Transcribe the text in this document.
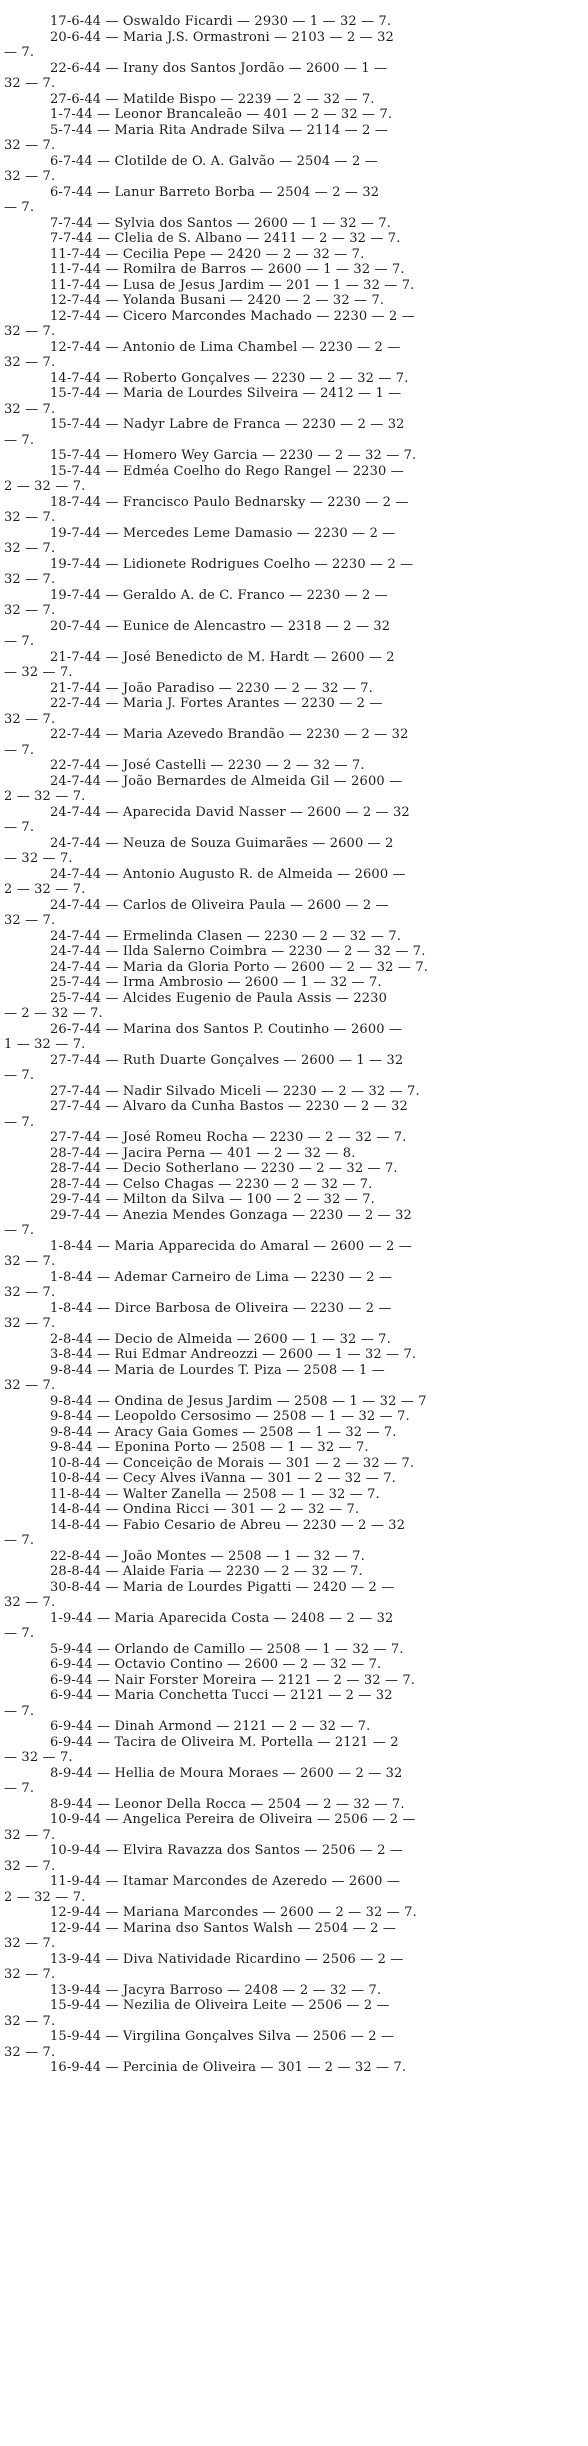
17-6-44 — Oswaldo Ficardi — 2930 — 1 — 32 — 7.
20-6-44 — Maria J.S. Ormastroni — 2103 — 2 — 32
— 7.
22-6-44 — Irany dos Santos Jordão — 2600 — 1 —
32 — 7.
27-6-44 — Matilde Bispo — 2239 — 2 — 32 — 7.
1-7-44 — Leonor Brancaleão — 401 — 2 — 32 — 7.
5-7-44 — Maria Rita Andrade Silva — 2114 — 2 —
32 — 7.
6-7-44 — Clotilde de O. A. Galvão — 2504 — 2 —
32 — 7.
6-7-44 — Lanur Barreto Borba — 2504 — 2 — 32
— 7.
7-7-44 — Sylvia dos Santos — 2600 — 1 — 32 — 7.
7-7-44 — Clelia de S. Albano — 2411 — 2 — 32 — 7.
11-7-44 — Cecilia Pepe — 2420 — 2 — 32 — 7.
11-7-44 — Romilra de Barros — 2600 — 1 — 32 — 7.
11-7-44 — Lusa de Jesus Jardim — 201 — 1 — 32 — 7.
12-7-44 — Yolanda Busani — 2420 — 2 — 32 — 7.
12-7-44 — Cicero Marcondes Machado — 2230 — 2 —
32 — 7.
12-7-44 — Antonio de Lima Chambel — 2230 — 2 —
32 — 7.
14-7-44 — Roberto Gonçalves — 2230 — 2 — 32 — 7.
15-7-44 — Maria de Lourdes Silveira — 2412 — 1 —
32 — 7.
15-7-44 — Nadyr Labre de Franca — 2230 — 2 — 32
— 7.
15-7-44 — Homero Wey Garcia — 2230 — 2 — 32 — 7.
15-7-44 — Edméa Coelho do Rego Rangel — 2230 —
2 — 32 — 7.
18-7-44 — Francisco Paulo Bednarsky — 2230 — 2 —
32 — 7.
19-7-44 — Mercedes Leme Damasio — 2230 — 2 —
32 — 7.
19-7-44 — Lidionete Rodrigues Coelho — 2230 — 2 —
32 — 7.
19-7-44 — Geraldo A. de C. Franco — 2230 — 2 —
32 — 7.
20-7-44 — Eunice de Alencastro — 2318 — 2 — 32
— 7.
21-7-44 — José Benedicto de M. Hardt — 2600 — 2
— 32 — 7.
21-7-44 — João Paradiso — 2230 — 2 — 32 — 7.
22-7-44 — Maria J. Fortes Arantes — 2230 — 2 —
32 — 7.
22-7-44 — Maria Azevedo Brandão — 2230 — 2 — 32
— 7.
22-7-44 — José Castelli — 2230 — 2 — 32 — 7.
24-7-44 — João Bernardes de Almeida Gil — 2600 —
2 — 32 — 7.
24-7-44 — Aparecida David Nasser — 2600 — 2 — 32
— 7.
24-7-44 — Neuza de Souza Guimarães — 2600 — 2
— 32 — 7.
24-7-44 — Antonio Augusto R. de Almeida — 2600 —
2 — 32 — 7.
24-7-44 — Carlos de Oliveira Paula — 2600 — 2 —
32 — 7.
24-7-44 — Ermelinda Clasen — 2230 — 2 — 32 — 7.
24-7-44 — Ilda Salerno Coimbra — 2230 — 2 — 32 — 7.
24-7-44 — Maria da Gloria Porto — 2600 — 2 — 32 — 7.
25-7-44 — Irma Ambrosio — 2600 — 1 — 32 — 7.
25-7-44 — Alcides Eugenio de Paula Assis — 2230
— 2 — 32 — 7.
26-7-44 — Marina dos Santos P. Coutinho — 2600 —
1 — 32 — 7.
27-7-44 — Ruth Duarte Gonçalves — 2600 — 1 — 32
— 7.
27-7-44 — Nadir Silvado Miceli — 2230 — 2 — 32 — 7.
27-7-44 — Alvaro da Cunha Bastos — 2230 — 2 — 32
— 7.
27-7-44 — José Romeu Rocha — 2230 — 2 — 32 — 7.
28-7-44 — Jacira Perna — 401 — 2 — 32 — 8.
28-7-44 — Decio Sotherlano — 2230 — 2 — 32 — 7.
28-7-44 — Celso Chagas — 2230 — 2 — 32 — 7.
29-7-44 — Milton da Silva — 100 — 2 — 32 — 7.
29-7-44 — Anezia Mendes Gonzaga — 2230 — 2 — 32
— 7.
1-8-44 — Maria Apparecida do Amaral — 2600 — 2 —
32 — 7.
1-8-44 — Ademar Carneiro de Lima — 2230 — 2 —
32 — 7.
1-8-44 — Dirce Barbosa de Oliveira — 2230 — 2 —
32 — 7.
2-8-44 — Decio de Almeida — 2600 — 1 — 32 — 7.
3-8-44 — Rui Edmar Andreozzi — 2600 — 1 — 32 — 7.
9-8-44 — Maria de Lourdes T. Piza — 2508 — 1 —
32 — 7.
9-8-44 — Ondina de Jesus Jardim — 2508 — 1 — 32 — 7
9-8-44 — Leopoldo Cersosimo — 2508 — 1 — 32 — 7.
9-8-44 — Aracy Gaia Gomes — 2508 — 1 — 32 — 7.
9-8-44 — Eponina Porto — 2508 — 1 — 32 — 7.
10-8-44 — Conceição de Morais — 301 — 2 — 32 — 7.
10-8-44 — Cecy Alves iVanna — 301 — 2 — 32 — 7.
11-8-44 — Walter Zanella — 2508 — 1 — 32 — 7.
14-8-44 — Ondina Ricci — 301 — 2 — 32 — 7.
14-8-44 — Fabio Cesario de Abreu — 2230 — 2 — 32
— 7.
22-8-44 — João Montes — 2508 — 1 — 32 — 7.
28-8-44 — Alaide Faria — 2230 — 2 — 32 — 7.
30-8-44 — Maria de Lourdes Pigatti — 2420 — 2 —
32 — 7.
1-9-44 — Maria Aparecida Costa — 2408 — 2 — 32
— 7.
5-9-44 — Orlando de Camillo — 2508 — 1 — 32 — 7.
6-9-44 — Octavio Contino — 2600 — 2 — 32 — 7.
6-9-44 — Nair Forster Moreira — 2121 — 2 — 32 — 7.
6-9-44 — Maria Conchetta Tucci — 2121 — 2 — 32
— 7.
6-9-44 — Dinah Armond — 2121 — 2 — 32 — 7.
6-9-44 — Tacira de Oliveira M. Portella — 2121 — 2
— 32 — 7.
8-9-44 — Hellia de Moura Moraes — 2600 — 2 — 32
— 7.
8-9-44 — Leonor Della Rocca — 2504 — 2 — 32 — 7.
10-9-44 — Angelica Pereira de Oliveira — 2506 — 2 —
32 — 7.
10-9-44 — Elvira Ravazza dos Santos — 2506 — 2 —
32 — 7.
11-9-44 — Itamar Marcondes de Azeredo — 2600 —
2 — 32 — 7.
12-9-44 — Mariana Marcondes — 2600 — 2 — 32 — 7.
12-9-44 — Marina dso Santos Walsh — 2504 — 2 —
32 — 7.
13-9-44 — Diva Natividade Ricardino — 2506 — 2 —
32 — 7.
13-9-44 — Jacyra Barroso — 2408 — 2 — 32 — 7.
15-9-44 — Nezilia de Oliveira Leite — 2506 — 2 —
32 — 7.
15-9-44 — Virgilina Gonçalves Silva — 2506 — 2 —
32 — 7.
16-9-44 — Percinia de Oliveira — 301 — 2 — 32 — 7.
